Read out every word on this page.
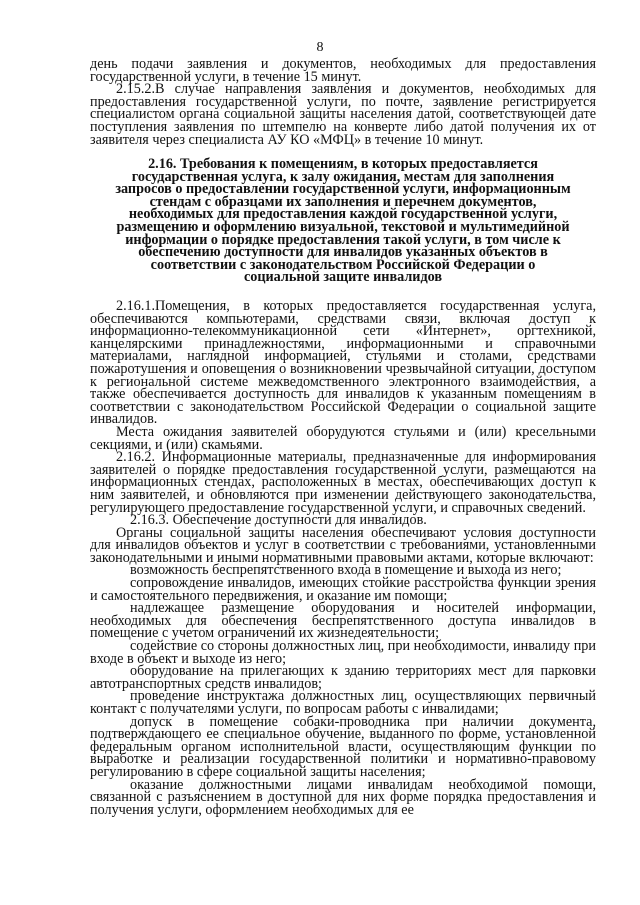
8

день подачи заявления и документов, необходимых для предоставления государственной услуги, в течение 15 минут.

2.15.2.В случае направления заявления и документов, необходимых для предоставления государственной услуги, по почте, заявление регистрируется специалистом органа социальной защиты населения датой, соответствующей дате поступления заявления по штемпелю на конверте либо датой получения их от заявителя через специалиста АУ КО «МФЦ» в течение 10 минут.

2.16. Требования к помещениям, в которых предоставляется государственная услуга, к залу ожидания, местам для заполнения запросов о предоставлении государственной услуги, информационным стендам с образцами их заполнения и перечнем документов, необходимых для предоставления каждой государственной услуги, размещению и оформлению визуальной, текстовой и мультимедийной информации о порядке предоставления такой услуги, в том числе к обеспечению доступности для инвалидов указанных объектов в соответствии с законодательством Российской Федерации о социальной защите инвалидов

2.16.1.Помещения, в которых предоставляется государственная услуга, обеспечиваются компьютерами, средствами связи, включая доступ к информационно-телекоммуникационной сети «Интернет», оргтехникой, канцелярскими принадлежностями, информационными и справочными материалами, наглядной информацией, стульями и столами, средствами пожаротушения и оповещения о возникновении чрезвычайной ситуации, доступом к региональной системе межведомственного электронного взаимодействия, а также обеспечивается доступность для инвалидов к указанным помещениям в соответствии с законодательством Российской Федерации о социальной защите инвалидов.

Места ожидания заявителей оборудуются стульями и (или) кресельными секциями, и (или) скамьями.

2.16.2. Информационные материалы, предназначенные для информирования заявителей о порядке предоставления государственной услуги, размещаются на информационных стендах, расположенных в местах, обеспечивающих доступ к ним заявителей, и обновляются при изменении действующего законодательства, регулирующего предоставление государственной услуги, и справочных сведений.

2.16.3. Обеспечение доступности для инвалидов.

Органы социальной защиты населения обеспечивают условия доступности для инвалидов объектов и услуг в соответствии с требованиями, установленными законодательными и иными нормативными правовыми актами, которые включают:

возможность беспрепятственного входа в помещение и выхода из него;

сопровождение инвалидов, имеющих стойкие расстройства функции зрения и самостоятельного передвижения, и оказание им помощи;

надлежащее размещение оборудования и носителей информации, необходимых для обеспечения беспрепятственного доступа инвалидов в помещение с учетом ограничений их жизнедеятельности;

содействие со стороны должностных лиц, при необходимости, инвалиду при входе в объект и выходе из него;

оборудование на прилегающих к зданию территориях мест для парковки автотранспортных средств инвалидов;

проведение инструктажа должностных лиц, осуществляющих первичный контакт с получателями услуги, по вопросам работы с инвалидами;

допуск в помещение собаки-проводника при наличии документа, подтверждающего ее специальное обучение, выданного по форме, установленной федеральным органом исполнительной власти, осуществляющим функции по выработке и реализации государственной политики и нормативно-правовому регулированию в сфере социальной защиты населения;

оказание должностными лицами инвалидам необходимой помощи, связанной с разъяснением в доступной для них форме порядка предоставления и получения услуги, оформлением необходимых для ее
